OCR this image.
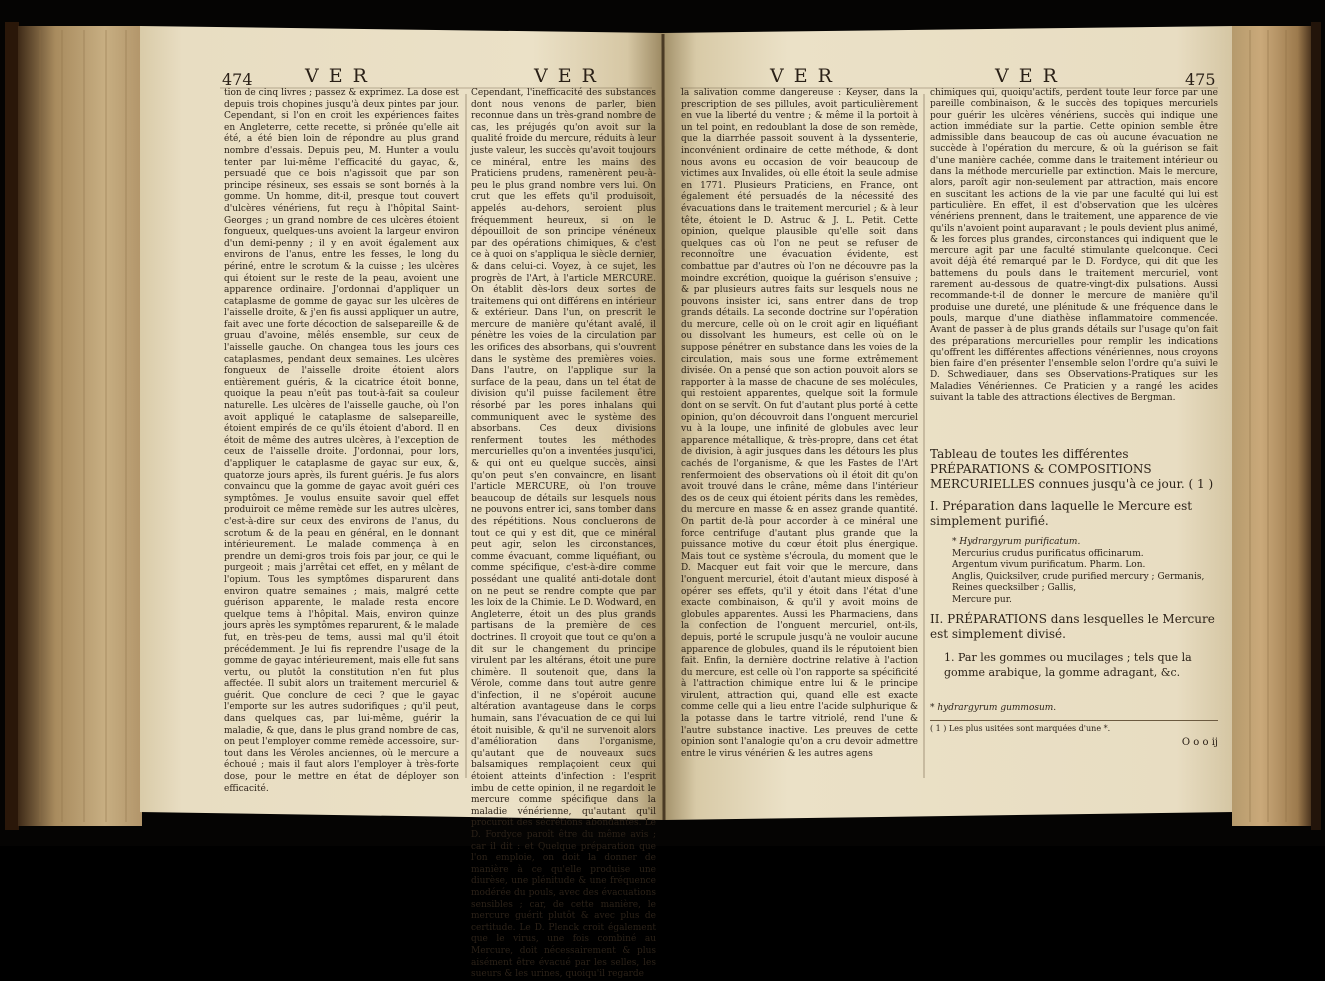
474	V E R	V E R
tion de cinq livres ; passez & exprimez. La dose est depuis trois chopines jusqu'à deux pintes par jour. Cependant, si l'on en croit les expériences faites en Angleterre, cette recette, si prônée qu'elle ait été, a été bien loin de répondre au plus grand nombre d'essais. Depuis peu, M. Hunter a voulu tenter par lui-même l'efficacité du gayac, &, persuadé que ce bois n'agissoit que par son principe résineux, ses essais se sont bornés à la gomme. Un homme, dit-il, presque tout couvert d'ulcères vénériens, fut reçu à l'hôpital Saint-Georges ; un grand nombre de ces ulcères étoient fongueux, quelques-uns avoient la largeur environ d'un demi-penny ; il y en avoit également aux environs de l'anus, entre les fesses, le long du périné, entre le scrotum & la cuisse ; les ulcères qui étoient sur le reste de la peau, avoient une apparence ordinaire. J'ordonnai d'appliquer un cataplasme de gomme de gayac sur les ulcères de l'aisselle droite, & j'en fis aussi appliquer un autre, fait avec une forte décoction de salsepareille & de gruau d'avoine, mêlés ensemble, sur ceux de l'aisselle gauche. On changea tous les jours ces cataplasmes, pendant deux semaines. Les ulcères fongueux de l'aisselle droite étoient alors entièrement guéris, & la cicatrice étoit bonne, quoique la peau n'eût pas tout-à-fait sa couleur naturelle. Les ulcères de l'aisselle gauche, où l'on avoit appliqué le cataplasme de salsepareille, étoient empirés de ce qu'ils étoient d'abord. Il en étoit de même des autres ulcères, à l'exception de ceux de l'aisselle droite. J'ordonnai, pour lors, d'appliquer le cataplasme de gayac sur eux, &, quatorze jours après, ils furent guéris. Je fus alors convaincu que la gomme de gayac avoit guéri ces symptômes. Je voulus ensuite savoir quel effet produiroit ce même remède sur les autres ulcères, c'est-à-dire sur ceux des environs de l'anus, du scrotum & de la peau en général, en le donnant intérieurement. Le malade commença à en prendre un demi-gros trois fois par jour, ce qui le purgeoit ; mais j'arrêtai cet effet, en y mêlant de l'opium. Tous les symptômes disparurent dans environ quatre semaines ; mais, malgré cette guérison apparente, le malade resta encore quelque tems à l'hôpital. Mais, environ quinze jours après les symptômes reparurent, & le malade fut, en très-peu de tems, aussi mal qu'il étoit précédemment. Je lui fis reprendre l'usage de la gomme de gayac intérieurement, mais elle fut sans vertu, ou plutôt la constitution n'en fut plus affectée. Il subit alors un traitement mercuriel & guérit. Que conclure de ceci ? que le gayac l'emporte sur les autres sudorifiques ; qu'il peut, dans quelques cas, par lui-même, guérir la maladie, & que, dans le plus grand nombre de cas, on peut l'employer comme remède accessoire, sur-tout dans les Véroles anciennes, où le mercure a échoué ; mais il faut alors l'employer à très-forte dose, pour le mettre en état de déployer son efficacité.
Cependant, l'inefficacité des substances dont nous venons de parler, bien reconnue dans un très-grand nombre de cas, les préjugés qu'on avoit sur la qualité froide du mercure, réduits à leur juste valeur, les succès qu'avoit toujours ce minéral, entre les mains des Praticiens prudens, ramenèrent peu-à-peu le plus grand nombre vers lui. On crut que les effets qu'il produisoit, appelés au-dehors, seroient plus fréquemment heureux, si on le dépouilloit de son principe vénéneux par des opérations chimiques, & c'est ce à quoi on s'appliqua le siècle dernier, & dans celui-ci. Voyez, à ce sujet, les progrès de l'Art, à l'article MERCURE. On établit dès-lors deux sortes de traitemens qui ont différens en intérieur & extérieur. Dans l'un, on prescrit le mercure de manière qu'étant avalé, il pénètre les voies de la circulation par les orifices des absorbans, qui s'ouvrent dans le système des premières voies. Dans l'autre, on l'applique sur la surface de la peau, dans un tel état de division qu'il puisse facilement être résorbé par les pores inhalans qui communiquent avec le système des absorbans. Ces deux divisions renferment toutes les méthodes mercurielles qu'on a inventées jusqu'ici, & qui ont eu quelque succès, ainsi qu'on peut s'en convaincre, en lisant l'article MERCURE, où l'on trouve beaucoup de détails sur lesquels nous ne pouvons entrer ici, sans tomber dans des répétitions. Nous concluerons de tout ce qui y est dit, que ce minéral peut agir, selon les circonstances, comme évacuant, comme liquéfiant, ou comme spécifique, c'est-à-dire comme possédant une qualité anti-dotale dont on ne peut se rendre compte que par les loix de la Chimie. Le D. Wodward, en Angleterre, étoit un des plus grands partisans de la première de ces doctrines. Il croyoit que tout ce qu'on a dit sur le changement du principe virulent par les altérans, étoit une pure chimère. Il soutenoit que, dans la Vérole, comme dans tout autre genre d'infection, il ne s'opéroit aucune altération avantageuse dans le corps humain, sans l'évacuation de ce qui lui étoit nuisible, & qu'il ne survenoit alors d'amélioration dans l'organisme, qu'autant que de nouveaux sucs balsamiques remplaçoient ceux qui étoient atteints d'infection : l'esprit imbu de cette opinion, il ne regardoit le mercure comme spécifique dans la maladie vénérienne, qu'autant qu'il procuroit des sécrétions abondantes. Le D. Fordyce paroît être du même avis ; car il dit : et Quelque préparation que l'on emploie, on doit la donner de manière à ce qu'elle produise une diurèse, une plénitude & une fréquence modérée du pouls, avec des évacuations sensibles ; car, de cette manière, le mercure guérit plutôt & avec plus de certitude. Le D. Plenck croit également que le virus, une fois combiné au Mercure, doit nécessairement & plus aisément être évacué par les selles, les sueurs & les urines, quoiqu'il regarde
V E R	V E R	475
la salivation comme dangereuse : Keyser, dans la prescription de ses pillules, avoit particulièrement en vue la liberté du ventre ; & même il la portoit à un tel point, en redoublant la dose de son remède, que la diarrhée passoit souvent à la dyssenterie, inconvénient ordinaire de cette méthode, & dont nous avons eu occasion de voir beaucoup de victimes aux Invalides, où elle étoit la seule admise en 1771. Plusieurs Praticiens, en France, ont également été persuadés de la nécessité des évacuations dans le traitement mercuriel ; & à leur tête, étoient le D. Astruc & J. L. Petit. Cette opinion, quelque plausible qu'elle soit dans quelques cas où l'on ne peut se refuser de reconnoître une évacuation évidente, est combattue par d'autres où l'on ne découvre pas la moindre excrétion, quoique la guérison s'ensuive ; & par plusieurs autres faits sur lesquels nous ne pouvons insister ici, sans entrer dans de trop grands détails. La seconde doctrine sur l'opération du mercure, celle où on le croit agir en liquéfiant ou dissolvant les humeurs, est celle où on le suppose pénétrer en substance dans les voies de la circulation, mais sous une forme extrêmement divisée. On a pensé que son action pouvoit alors se rapporter à la masse de chacune de ses molécules, qui restoient apparentes, quelque soit la formule dont on se servît. On fut d'autant plus porté à cette opinion, qu'on découvroit dans l'onguent mercuriel vu à la loupe, une infinité de globules avec leur apparence métallique, & très-propre, dans cet état de division, à agir jusques dans les détours les plus cachés de l'organisme, & que les Fastes de l'Art renfermoient des observations où il étoit dit qu'on avoit trouvé dans le crâne, même dans l'intérieur des os de ceux qui étoient périts dans les remèdes, du mercure en masse & en assez grande quantité. On partit de-là pour accorder à ce minéral une force centrifuge d'autant plus grande que la puissance motive du cœur étoit plus énergique. Mais tout ce système s'écroula, du moment que le D. Macquer eut fait voir que le mercure, dans l'onguent mercuriel, étoit d'autant mieux disposé à opérer ses effets, qu'il y étoit dans l'état d'une exacte combinaison, & qu'il y avoit moins de globules apparentes. Aussi les Pharmaciens, dans la confection de l'onguent mercuriel, ont-ils, depuis, porté le scrupule jusqu'à ne vouloir aucune apparence de globules, quand ils le réputoient bien fait. Enfin, la dernière doctrine relative à l'action du mercure, est celle où l'on rapporte sa spécificité à l'attraction chimique entre lui & le principe virulent, attraction qui, quand elle est exacte comme celle qui a lieu entre l'acide sulphurique & la potasse dans le tartre vitriolé, rend l'une & l'autre substance inactive. Les preuves de cette opinion sont l'analogie qu'on a cru devoir admettre entre le virus vénérien & les autres agens
chimiques qui, quoiqu'actifs, perdent toute leur force par une pareille combinaison, & le succès des topiques mercuriels pour guérir les ulcères vénériens, succès qui indique une action immédiate sur la partie. Cette opinion semble être admissible dans beaucoup de cas où aucune évacuation ne succède à l'opération du mercure, & où la guérison se fait d'une manière cachée, comme dans le traitement intérieur ou dans la méthode mercurielle par extinction. Mais le mercure, alors, paroît agir non-seulement par attraction, mais encore en suscitant les actions de la vie par une faculté qui lui est particulière. En effet, il est d'observation que les ulcères vénériens prennent, dans le traitement, une apparence de vie qu'ils n'avoient point auparavant ; le pouls devient plus animé, & les forces plus grandes, circonstances qui indiquent que le mercure agit par une faculté stimulante quelconque. Ceci avoit déjà été remarqué par le D. Fordyce, qui dit que les battemens du pouls dans le traitement mercuriel, vont rarement au-dessous de quatre-vingt-dix pulsations. Aussi recommande-t-il de donner le mercure de manière qu'il produise une dureté, une plénitude & une fréquence dans le pouls, marque d'une diathèse inflammatoire commencée. Avant de passer à de plus grands détails sur l'usage qu'on fait des préparations mercurielles pour remplir les indications qu'offrent les différentes affections vénériennes, nous croyons bien faire d'en présenter l'ensemble selon l'ordre qu'a suivi le D. Schwediauer, dans ses Observations-Pratiques sur les Maladies Vénériennes. Ce Praticien y a rangé les acides suivant la table des attractions électives de Bergman.
Tableau de toutes les différentes PRÉPARATIONS & COMPOSITIONS MERCURIELLES connues jusqu'à ce jour. ( 1 )
I. Préparation dans laquelle le Mercure est simplement purifié.
* Hydrargyrum purificatum.
Mercurius crudus purificatus officinarum.
Argentum vivum purificatum. Pharm. Lon.
Anglis, Quicksilver, crude purified mercury ; Germanis, Reines quecksilber ; Gallis,
Mercure pur.
II. PRÉPARATIONS dans lesquelles le Mercure est simplement divisé.
1. Par les gommes ou mucilages ; tels que la gomme arabique, la gomme adragant, &c.
* hydrargyrum gummosum.
( 1 ) Les plus usitées sont marquées d'une *.
O o o ij
